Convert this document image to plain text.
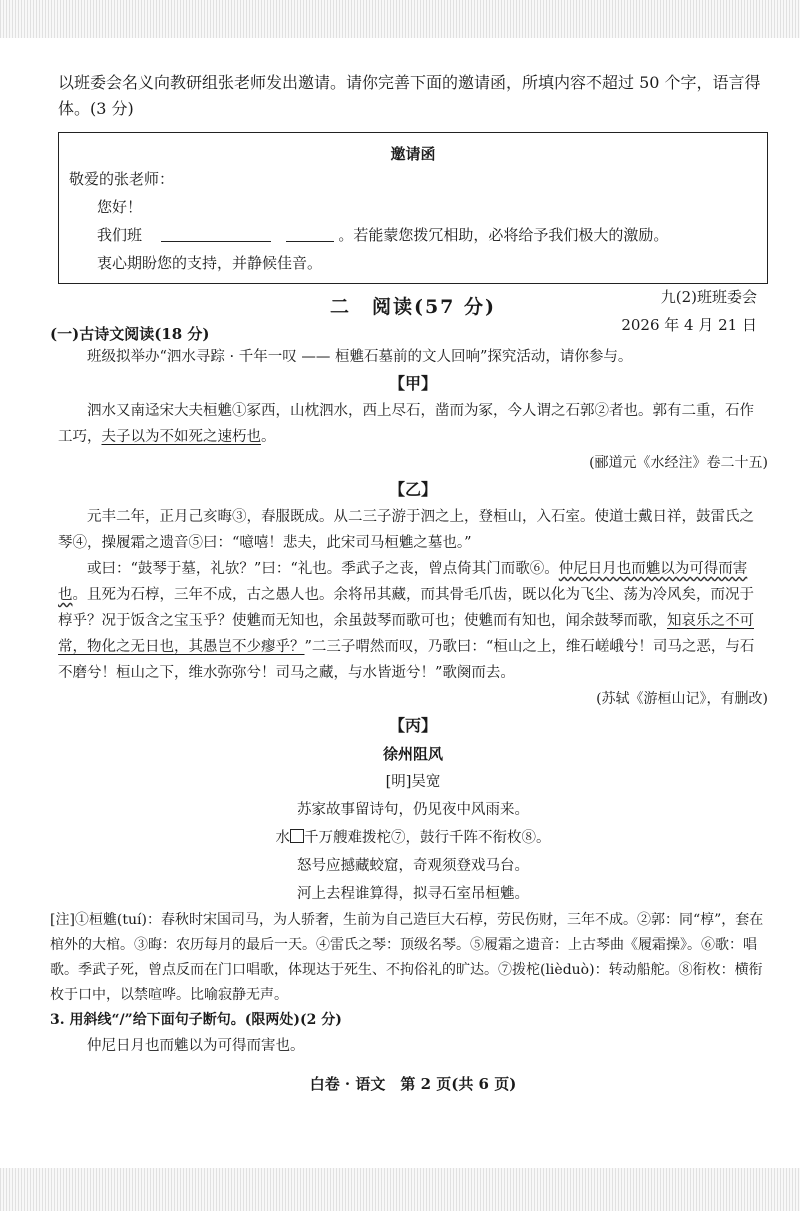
以班委会名义向教研组张老师发出邀请。请你完善下面的邀请函，所填内容不超过 50 个字，语言得体。(3 分)

邀请函

敬爱的张老师：

您好！

我们班	。若能蒙您拨冗相助，必将给予我们极大的激励。

衷心期盼您的支持，并静候佳音。

九(2)班班委会

2026 年 4 月 21 日

二　阅读(57 分)

(一)古诗文阅读(18 分)

班级拟举办“泗水寻踪 · 千年一叹 —— 桓魋石墓前的文人回响”探究活动，请你参与。

【甲】

泗水又南迳宋大夫桓魋①冢西，山枕泗水，西上尽石，凿而为冢，今人谓之石郭②者也。郭有二重，石作工巧，夫子以为不如死之速朽也。

(郦道元《水经注》卷二十五)

【乙】

元丰二年，正月己亥晦③，春服既成。从二三子游于泗之上，登桓山，入石室。使道士戴日祥，鼓雷氏之琴④，操履霜之遗音⑤曰：“噫嘻！悲夫，此宋司马桓魋之墓也。”

或曰：“鼓琴于墓，礼欤？”曰：“礼也。季武子之丧，曾点倚其门而歌⑥。仲尼日月也而魋以为可得而害也。且死为石椁，三年不成，古之愚人也。余将吊其藏，而其骨毛爪齿，既以化为飞尘、荡为冷风矣，而况于椁乎？况于饭含之宝玉乎？使魋而无知也，余虽鼓琴而歌可也；使魋而有知也，闻余鼓琴而歌，知哀乐之不可常，物化之无日也，其愚岂不少瘳乎？”二三子喟然而叹，乃歌曰：“桓山之上，维石嵯峨兮！司马之恶，与石不磨兮！桓山之下，维水弥弥兮！司马之藏，与水皆逝兮！”歌阕而去。

(苏轼《游桓山记》，有删改)

【丙】

徐州阻风

[明]吴宽

苏家故事留诗句，仍见夜中风雨来。

水 千万艘难拨柁⑦，鼓行千阵不衔枚⑧。

怒号应撼藏蛟窟，奇观须登戏马台。

河上去程谁算得，拟寻石室吊桓魋。

[注]①桓魋(tuí)：春秋时宋国司马，为人骄奢，生前为自己造巨大石椁，劳民伤财，三年不成。②郭：同“椁”，套在棺外的大棺。③晦：农历每月的最后一天。④雷氏之琴：顶级名琴。⑤履霜之遗音：上古琴曲《履霜操》。⑥歌：唱歌。季武子死，曾点反而在门口唱歌，体现达于死生、不拘俗礼的旷达。⑦拨柁(lièduò)：转动船舵。⑧衔枚：横衔枚于口中，以禁喧哗。比喻寂静无声。

3. 用斜线“/”给下面句子断句。(限两处)(2 分)

仲尼日月也而魋以为可得而害也。

白卷 · 语文　第 2 页(共 6 页)
